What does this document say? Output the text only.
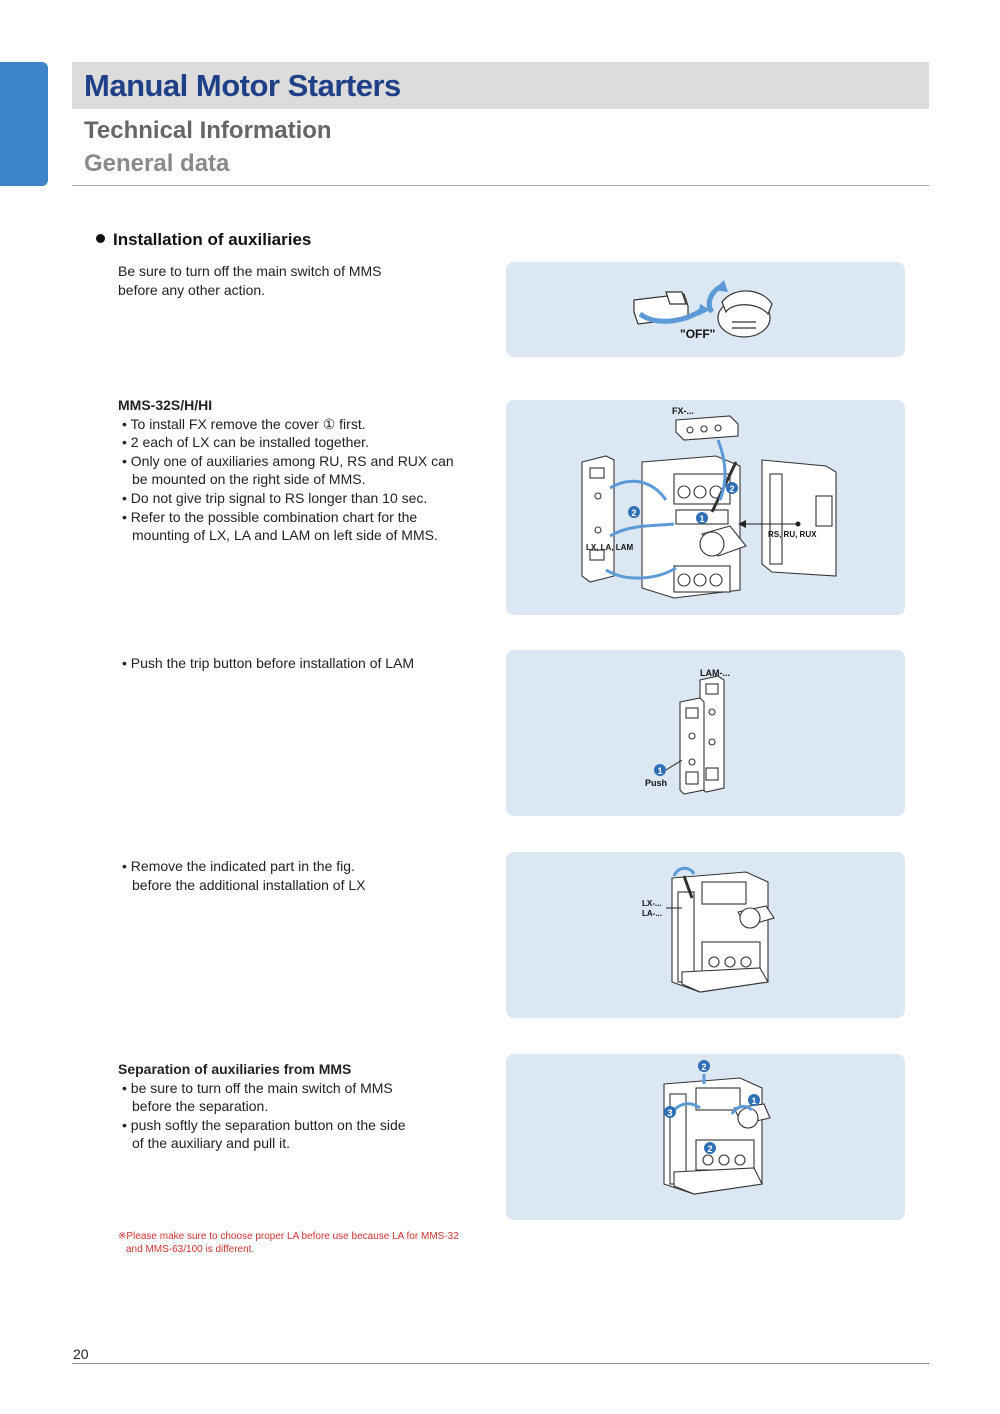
Manual Motor Starters
Technical Information
General data
Installation of auxiliaries
Be sure to turn off the main switch of MMS
before any other action.
MMS-32S/H/HI
• To install FX remove the cover ① first.
• 2 each of LX can be installed together.
• Only one of auxiliaries among RU, RS and RUX can
be mounted on the right side of MMS.
• Do not give trip signal to RS longer than 10 sec.
• Refer to the possible combination chart for the
mounting of LX, LA and LAM on left side of MMS.
• Push the trip button before installation of LAM
• Remove the indicated part in the fig.
before the additional installation of LX
Separation of auxiliaries from MMS
• be sure to turn off the main switch of MMS
before the separation.
• push softly the separation button on the side
of the auxiliary and pull it.
"OFF"
2
2
1
FX-...
LX, LA, LAM
RS, RU, RUX
1
LAM-...
Push
LX-...
LA-...
2
1
3
2
※Please make sure to choose proper LA before use because LA for MMS-32
and MMS-63/100 is different.
20
